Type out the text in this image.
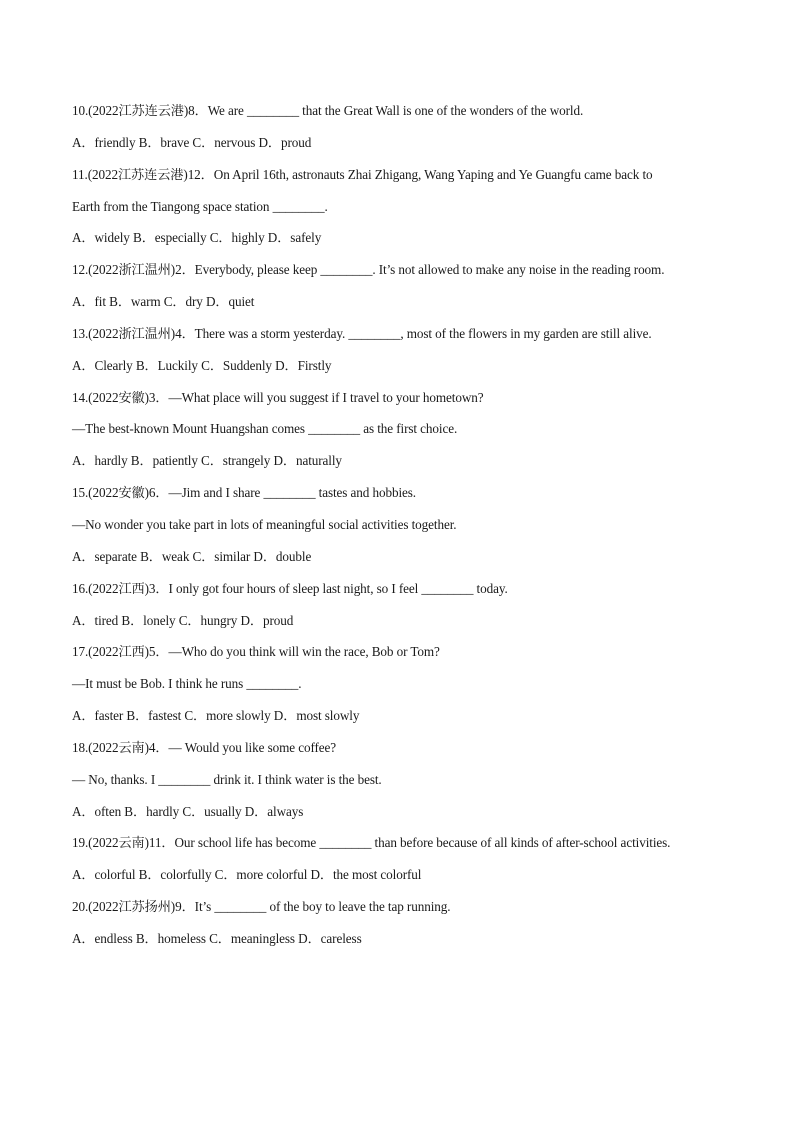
10.(2022江苏连云港)8．We are ________ that the Great Wall is one of the wonders of the world.
A．friendly B．brave C．nervous D．proud
11.(2022江苏连云港)12．On April 16th, astronauts Zhai Zhigang, Wang Yaping and Ye Guangfu came back to
Earth from the Tiangong space station ________.
A．widely B．especially C．highly D．safely
12.(2022浙江温州)2．Everybody, please keep ________. It’s not allowed to make any noise in the reading room.
A．fit B．warm C．dry D．quiet
13.(2022浙江温州)4．There was a storm yesterday. ________, most of the flowers in my garden are still alive.
A．Clearly B．Luckily C．Suddenly D．Firstly
14.(2022安徽)3．—What place will you suggest if I travel to your hometown?
—The best-known Mount Huangshan comes ________ as the first choice.
A．hardly B．patiently C．strangely D．naturally
15.(2022安徽)6．—Jim and I share ________ tastes and hobbies.
—No wonder you take part in lots of meaningful social activities together.
A．separate B．weak C．similar D．double
16.(2022江西)3．I only got four hours of sleep last night, so I feel ________ today.
A．tired B．lonely C．hungry D．proud
17.(2022江西)5．—Who do you think will win the race, Bob or Tom?
—It must be Bob. I think he runs ________.
A．faster B．fastest C．more slowly D．most slowly
18.(2022云南)4．— Would you like some coffee?
— No, thanks. I ________ drink it. I think water is the best.
A．often B．hardly C．usually D．always
19.(2022云南)11．Our school life has become ________ than before because of all kinds of after-school activities.
A．colorful B．colorfully C．more colorful D．the most colorful
20.(2022江苏扬州)9．It’s ________ of the boy to leave the tap running.
A．endless B．homeless C．meaningless D．careless
